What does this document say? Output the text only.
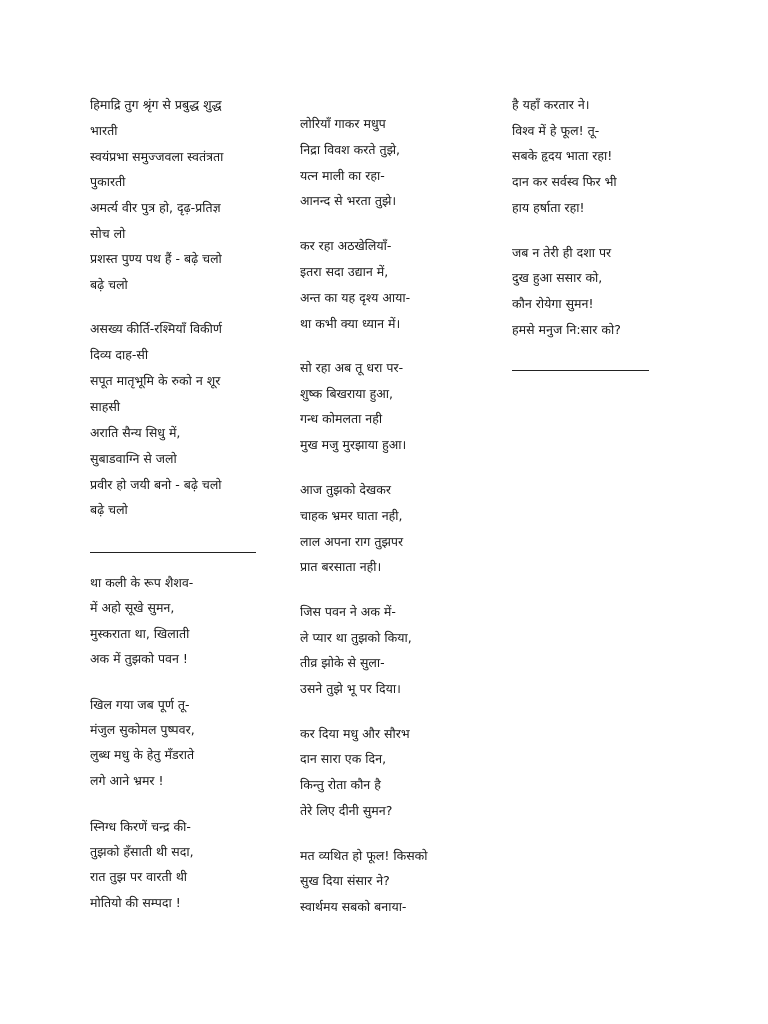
हिमाद्रि तुग श्रृंग से प्रबुद्ध शुद्ध
भारती
स्वयंप्रभा समुज्जवला स्वतंत्रता
पुकारती
अमर्त्य वीर पुत्र हो, दृढ़-प्रतिज्ञ
सोच लो
प्रशस्त पुण्य पथ हैं - बढ़े चलो
बढ़े चलो
असख्य कीर्ति-रश्मियाँ विकीर्ण
दिव्य दाह-सी
सपूत मातृभूमि के रुको न शूर
साहसी
अराति सैन्य सिधु में,
सुबाडवाग्नि से जलो
प्रवीर हो जयी बनो - बढ़े चलो
बढ़े चलो
था कली के रूप शैशव-
में अहो सूखे सुमन,
मुस्कराता था, खिलाती
अक में तुझको पवन !
खिल गया जब पूर्ण तू-
मंजुल सुकोमल पुष्पवर,
लुब्ध मधु के हेतु मँडराते
लगे आने भ्रमर !
स्निग्ध किरणें चन्द्र की-
तुझको हँसाती थी सदा,
रात तुझ पर वारती थी
मोतियो की सम्पदा !
लोरियाँ गाकर मधुप
निद्रा विवश करते तुझे,
यत्न माली का रहा-
आनन्द से भरता तुझे।
कर रहा अठखेलियाँ-
इतरा सदा उद्यान में,
अन्त का यह दृश्य आया-
था कभी क्या ध्यान में।
सो रहा अब तू धरा पर-
शुष्क बिखराया हुआ,
गन्ध कोमलता नही
मुख मजु मुरझाया हुआ।
आज तुझको देखकर
चाहक भ्रमर घाता नही,
लाल अपना राग तुझपर
प्रात बरसाता नही।
जिस पवन ने अक में-
ले प्यार था तुझको किया,
तीव्र झोके से सुला-
उसने तुझे भू पर दिया।
कर दिया मधु और सौरभ
दान सारा एक दिन,
किन्तु रोता कौन है
तेरे लिए दीनी सुमन?
मत व्यथित हो फूल! किसको
सुख दिया संसार ने?
स्वार्थमय सबको बनाया-
है यहाँ करतार ने।
विश्व में हे फूल! तू-
सबके हृदय भाता रहा!
दान कर सर्वस्व फिर भी
हाय हर्षाता रहा!
जब न तेरी ही दशा पर
दुख हुआ ससार को,
कौन रोयेगा सुमन!
हमसे मनुज नि:सार को?
